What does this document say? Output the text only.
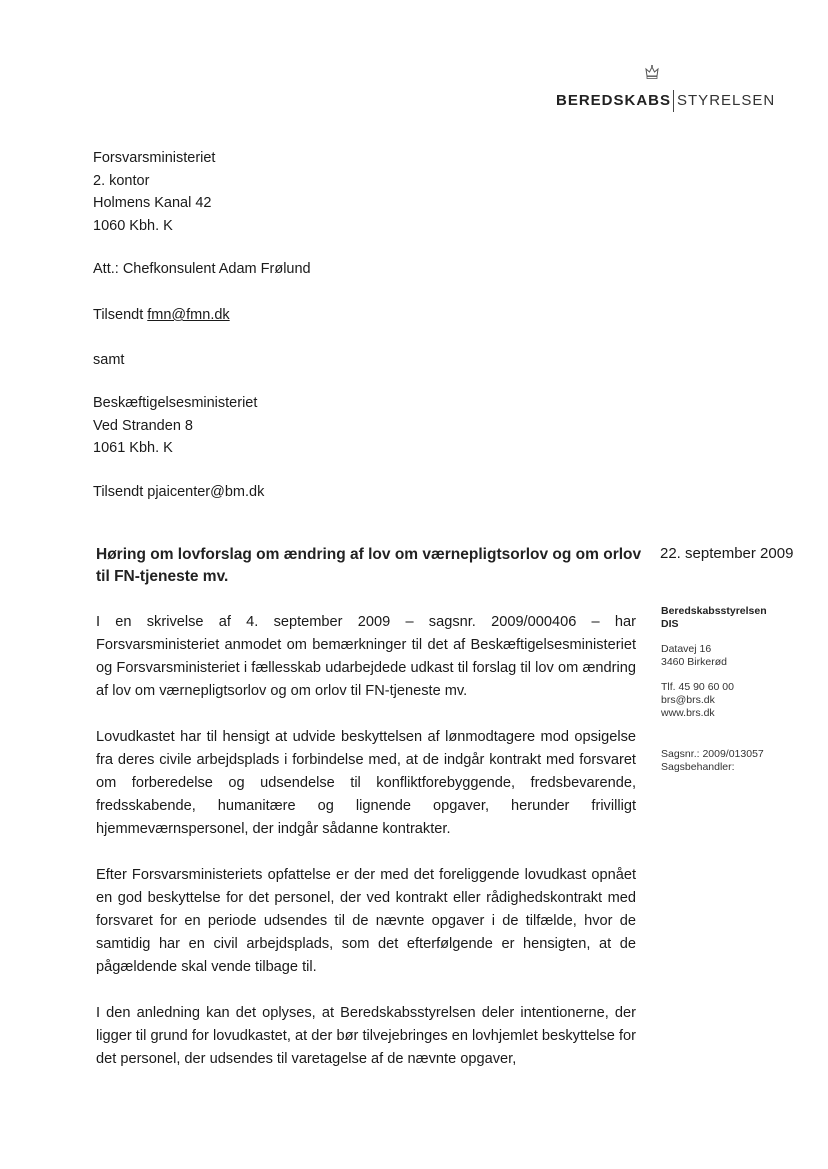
BEREDSKABS STYRELSEN
Forsvarsministeriet
2. kontor
Holmens Kanal 42
1060 Kbh. K
Att.: Chefkonsulent Adam Frølund
Tilsendt fmn@fmn.dk
samt
Beskæftigelsesministeriet
Ved Stranden 8
1061 Kbh. K
Tilsendt pjaicenter@bm.dk
Høring om lovforslag om ændring af lov om værnepligtsorlov og om orlov til FN-tjeneste mv.
22. september 2009

I en skrivelse af 4. september 2009 – sagsnr. 2009/000406 – har Forsvarsministeriet anmodet om bemærkninger til det af Beskæftigelsesministeriet og Forsvarsministeriet i fællesskab udarbejdede udkast til forslag til lov om ændring af lov om værnepligtsorlov og om orlov til FN-tjeneste mv.

Lovudkastet har til hensigt at udvide beskyttelsen af lønmodtagere mod opsigelse fra deres civile arbejdsplads i forbindelse med, at de indgår kontrakt med forsvaret om forberedelse og udsendelse til konfliktforebyggende, fredsbevarende, fredsskabende, humanitære og lignende opgaver, herunder frivilligt hjemmeværnspersonel, der indgår sådanne kontrakter.

Efter Forsvarsministeriets opfattelse er der med det foreliggende lovudkast opnået en god beskyttelse for det personel, der ved kontrakt eller rådighedskontrakt med forsvaret for en periode udsendes til de nævnte opgaver i de tilfælde, hvor de samtidig har en civil arbejdsplads, som det efterfølgende er hensigten, at de pågældende skal vende tilbage til.

I den anledning kan det oplyses, at Beredskabsstyrelsen deler intentionerne, der ligger til grund for lovudkastet, at der bør tilvejebringes en lovhjemlet beskyttelse for det personel, der udsendes til varetagelse af de nævnte opgaver,

Beredskabsstyrelsen
DIS
Datavej 16
3460 Birkerød
Tlf. 45 90 60 00
brs@brs.dk
www.brs.dk
Sagsnr.: 2009/013057
Sagsbehandler:
